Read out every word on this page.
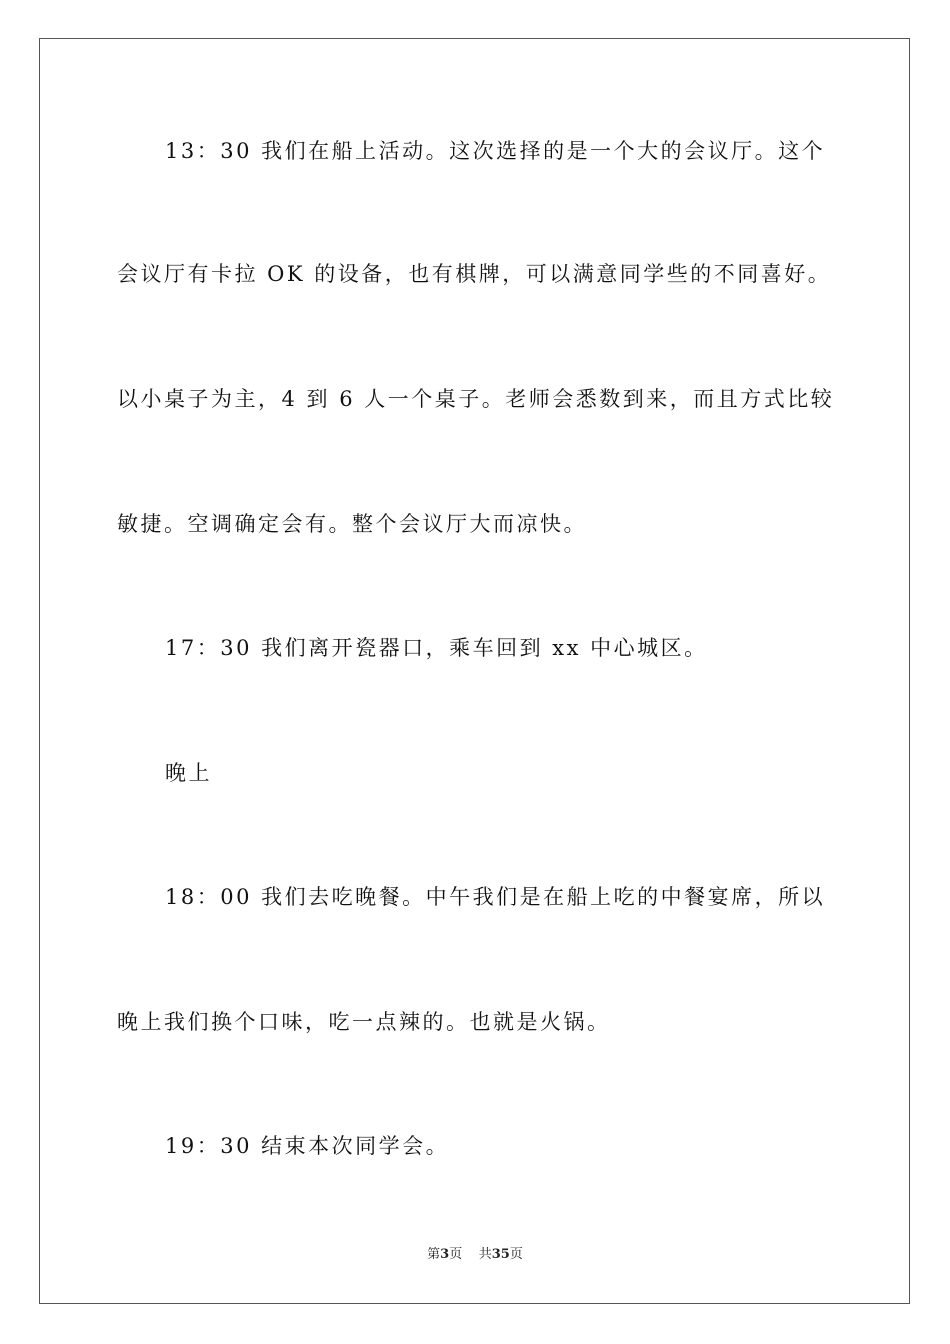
13：30 我们在船上活动。这次选择的是一个大的会议厅。这个
会议厅有卡拉 OK 的设备，也有棋牌，可以满意同学些的不同喜好。
以小桌子为主，4 到 6 人一个桌子。老师会悉数到来，而且方式比较
敏捷。空调确定会有。整个会议厅大而凉快。
17：30 我们离开瓷器口，乘车回到 xx 中心城区。
晚上
18：00 我们去吃晚餐。中午我们是在船上吃的中餐宴席，所以
晚上我们换个口味，吃一点辣的。也就是火锅。
19：30 结束本次同学会。
第3页 共35页
